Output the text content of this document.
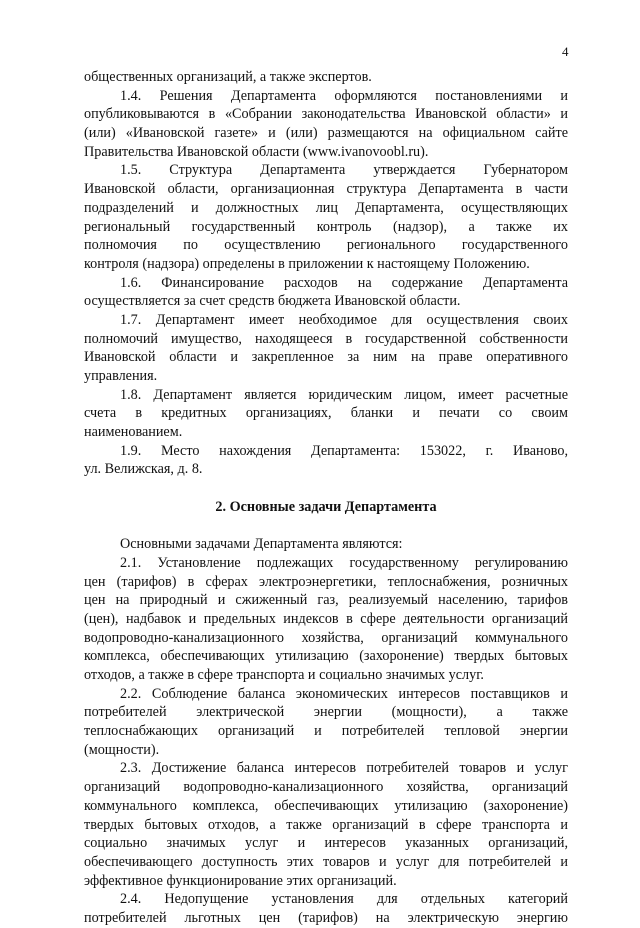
4
общественных организаций, а также экспертов.
1.4. Решения Департамента оформляются постановлениями и
опубликовываются в «Собрании законодательства Ивановской области» и
(или) «Ивановской газете» и (или) размещаются на официальном сайте
Правительства Ивановской области (www.ivanovoobl.ru).
1.5. Структура Департамента утверждается Губернатором
Ивановской области, организационная структура Департамента в части
подразделений и должностных лиц Департамента, осуществляющих
региональный государственный контроль (надзор), а также их
полномочия по осуществлению регионального государственного
контроля (надзора) определены в приложении к настоящему Положению.
1.6. Финансирование расходов на содержание Департамента
осуществляется за счет средств бюджета Ивановской области.
1.7. Департамент имеет необходимое для осуществления своих
полномочий имущество, находящееся в государственной собственности
Ивановской области и закрепленное за ним на праве оперативного
управления.
1.8. Департамент является юридическим лицом, имеет расчетные
счета в кредитных организациях, бланки и печати со своим
наименованием.
1.9. Место нахождения Департамента: 153022, г. Иваново,
ул. Велижская, д. 8.
2. Основные задачи Департамента
Основными задачами Департамента являются:
2.1. Установление подлежащих государственному регулированию
цен (тарифов) в сферах электроэнергетики, теплоснабжения, розничных
цен на природный и сжиженный газ, реализуемый населению, тарифов
(цен), надбавок и предельных индексов в сфере деятельности организаций
водопроводно-канализационного хозяйства, организаций коммунального
комплекса, обеспечивающих утилизацию (захоронение) твердых бытовых
отходов, а также в сфере транспорта и социально значимых услуг.
2.2. Соблюдение баланса экономических интересов поставщиков и
потребителей электрической энергии (мощности), а также
теплоснабжающих организаций и потребителей тепловой энергии
(мощности).
2.3. Достижение баланса интересов потребителей товаров и услуг
организаций водопроводно-канализационного хозяйства, организаций
коммунального комплекса, обеспечивающих утилизацию (захоронение)
твердых бытовых отходов, а также организаций в сфере транспорта и
социально значимых услуг и интересов указанных организаций,
обеспечивающего доступность этих товаров и услуг для потребителей и
эффективное функционирование этих организаций.
2.4. Недопущение установления для отдельных категорий
потребителей льготных цен (тарифов) на электрическую энергию
